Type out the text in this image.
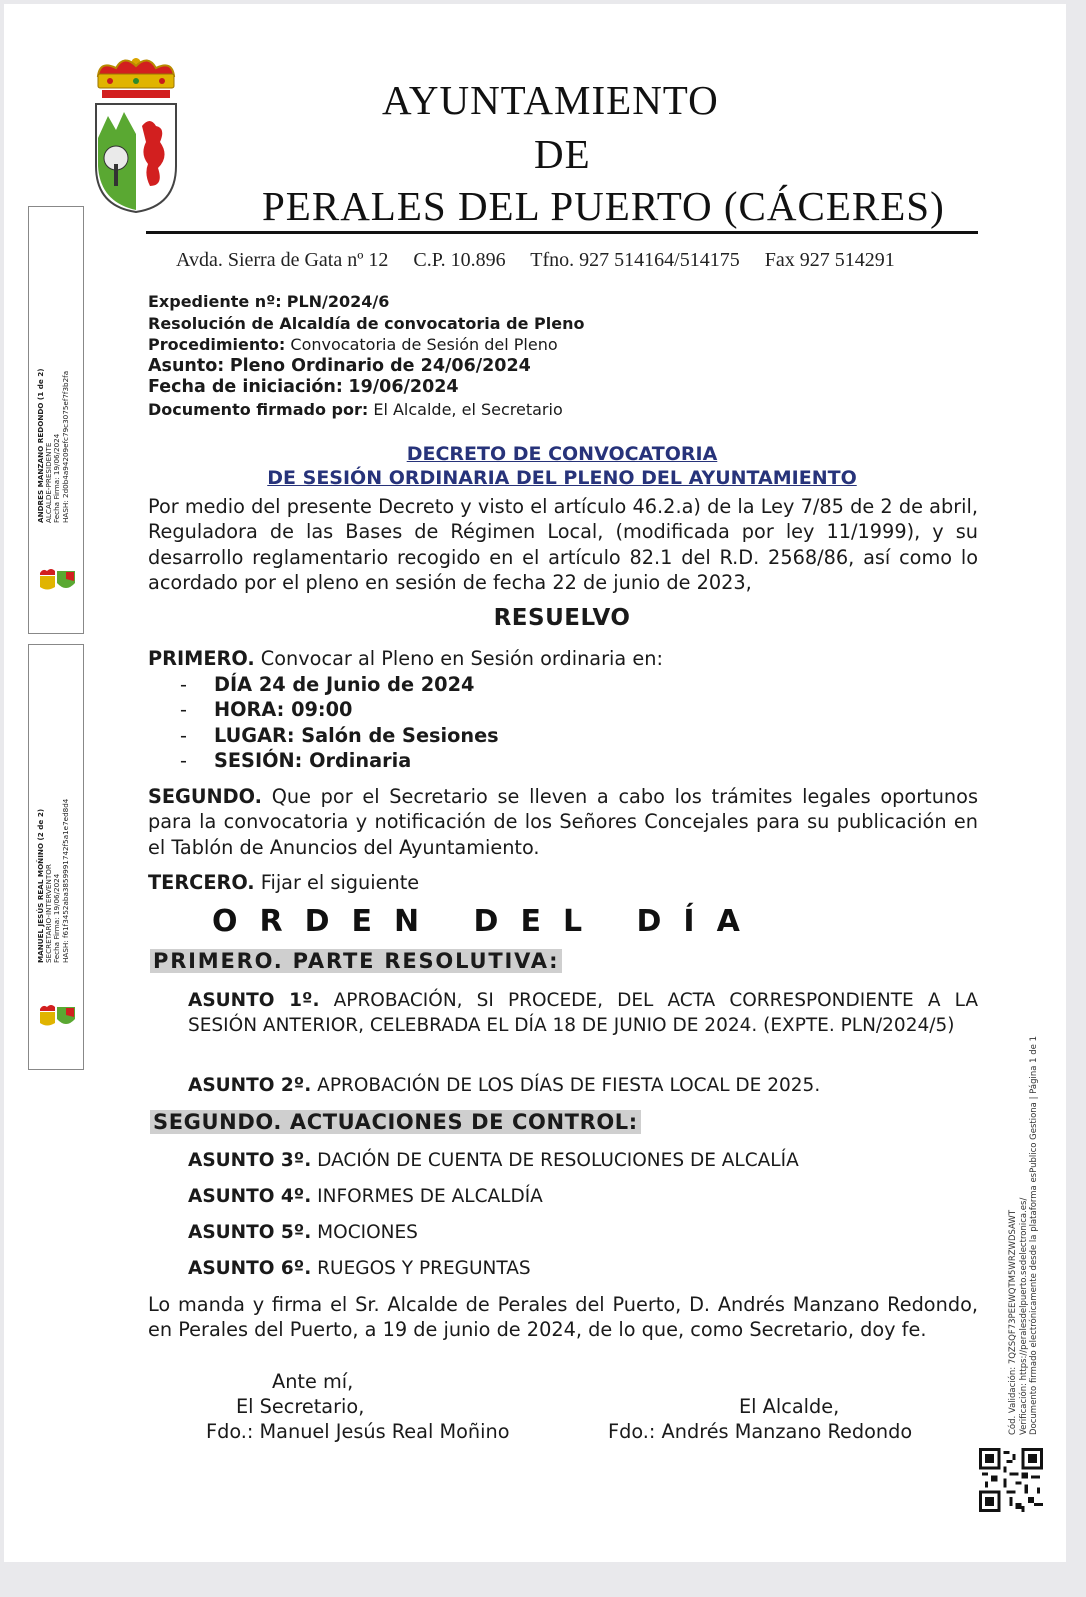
AYUNTAMIENTO
DE
PERALES DEL PUERTO (CÁCERES)
Avda. Sierra de Gata nº 12     C.P. 10.896     Tfno. 927 514164/514175     Fax 927 514291
Expediente nº: PLN/2024/6
Resolución de Alcaldía de convocatoria de Pleno
Procedimiento: Convocatoria de Sesión del Pleno
Asunto: Pleno Ordinario de 24/06/2024
Fecha de iniciación: 19/06/2024
Documento firmado por: El Alcalde, el Secretario
DECRETO DE CONVOCATORIA
DE SESIÓN ORDINARIA DEL PLENO DEL AYUNTAMIENTO
Por medio del presente Decreto y visto el artículo 46.2.a) de la Ley 7/85 de 2 de abril, Reguladora de las Bases de Régimen Local, (modificada por ley 11/1999), y su desarrollo reglamentario recogido en el artículo 82.1 del R.D. 2568/86, así como lo acordado por el pleno en sesión de fecha 22 de junio de 2023,
RESUELVO
PRIMERO. Convocar al Pleno en Sesión ordinaria en:
- DÍA 24 de Junio de 2024
- HORA: 09:00
- LUGAR: Salón de Sesiones
- SESIÓN: Ordinaria
SEGUNDO. Que por el Secretario se lleven a cabo los trámites legales oportunos para la convocatoria y notificación de los Señores Concejales para su publicación en el Tablón de Anuncios del Ayuntamiento.
TERCERO. Fijar el siguiente
ORDEN DEL DÍA
PRIMERO. PARTE RESOLUTIVA:
ASUNTO 1º. APROBACIÓN, SI PROCEDE, DEL ACTA CORRESPONDIENTE A LA SESIÓN ANTERIOR, CELEBRADA EL DÍA 18 DE JUNIO DE 2024. (EXPTE. PLN/2024/5)
ASUNTO 2º. APROBACIÓN DE LOS DÍAS DE FIESTA LOCAL DE 2025.
SEGUNDO. ACTUACIONES DE CONTROL:
ASUNTO 3º. DACIÓN DE CUENTA DE RESOLUCIONES DE ALCALÍA
ASUNTO 4º. INFORMES DE ALCALDÍA
ASUNTO 5º. MOCIONES
ASUNTO 6º. RUEGOS Y PREGUNTAS
Lo manda y firma el Sr. Alcalde de Perales del Puerto, D. Andrés Manzano Redondo, en Perales del Puerto, a 19 de junio de 2024, de lo que, como Secretario, doy fe.
Ante mí,
El Secretario,	El Alcalde,
Fdo.: Manuel Jesús Real Moñino	Fdo.: Andrés Manzano Redondo
ANDRES MANZANO REDONDO (1 de 2) ALCALDE-PRESIDENTE Fecha Firma: 19/06/2024 HASH: 2d0b4a94209efc79c3075ef7f3b2fa
MANUEL JESÚS REAL MOÑINO (2 de 2) SECRETARIO-INTERVENTOR Fecha Firma: 19/06/2024 HASH: f61f3452aba3859991742f5a1e7ed8d4
Cód. Validación: 7QZSQF73PEEWQTM5WRZWDSAWT Verificación: https://peralesdelpuerto.sedelectronica.es/ Documento firmado electrónicamente desde la plataforma esPublico Gestiona | Página 1 de 1
